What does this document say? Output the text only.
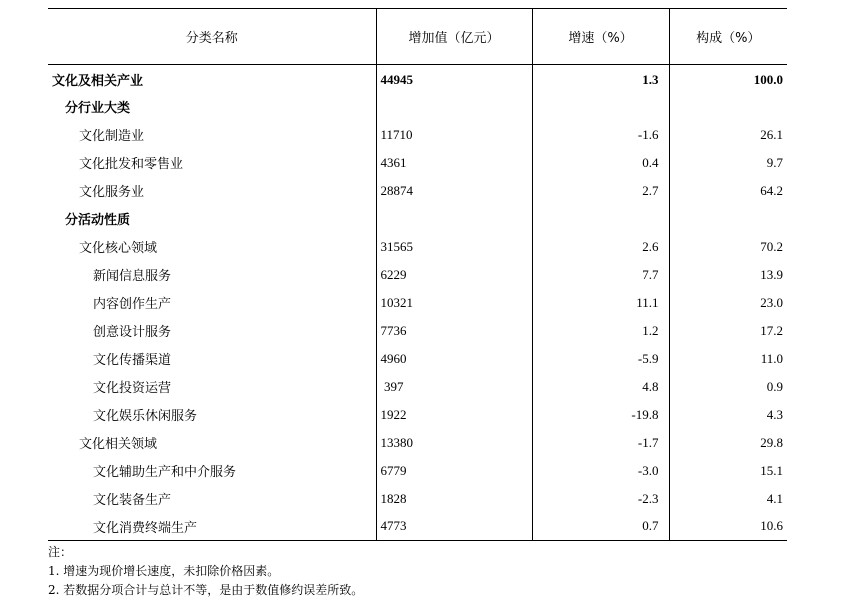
分类名称	增加值（亿元）	增速（%）	构成（%）
文化及相关产业	44945	1.3	100.0
分行业大类			
文化制造业	11710	-1.6	26.1
文化批发和零售业	4361	0.4	9.7
文化服务业	28874	2.7	64.2
分活动性质			
文化核心领域	31565	2.6	70.2
新闻信息服务	6229	7.7	13.9
内容创作生产	10321	11.1	23.0
创意设计服务	7736	1.2	17.2
文化传播渠道	4960	-5.9	11.0
文化投资运营	397	4.8	0.9
文化娱乐休闲服务	1922	-19.8	4.3
文化相关领域	13380	-1.7	29.8
文化辅助生产和中介服务	6779	-3.0	15.1
文化装备生产	1828	-2.3	4.1
文化消费终端生产	4773	0.7	10.6
注：
1. 增速为现价增长速度，未扣除价格因素。
2. 若数据分项合计与总计不等，是由于数值修约误差所致。
